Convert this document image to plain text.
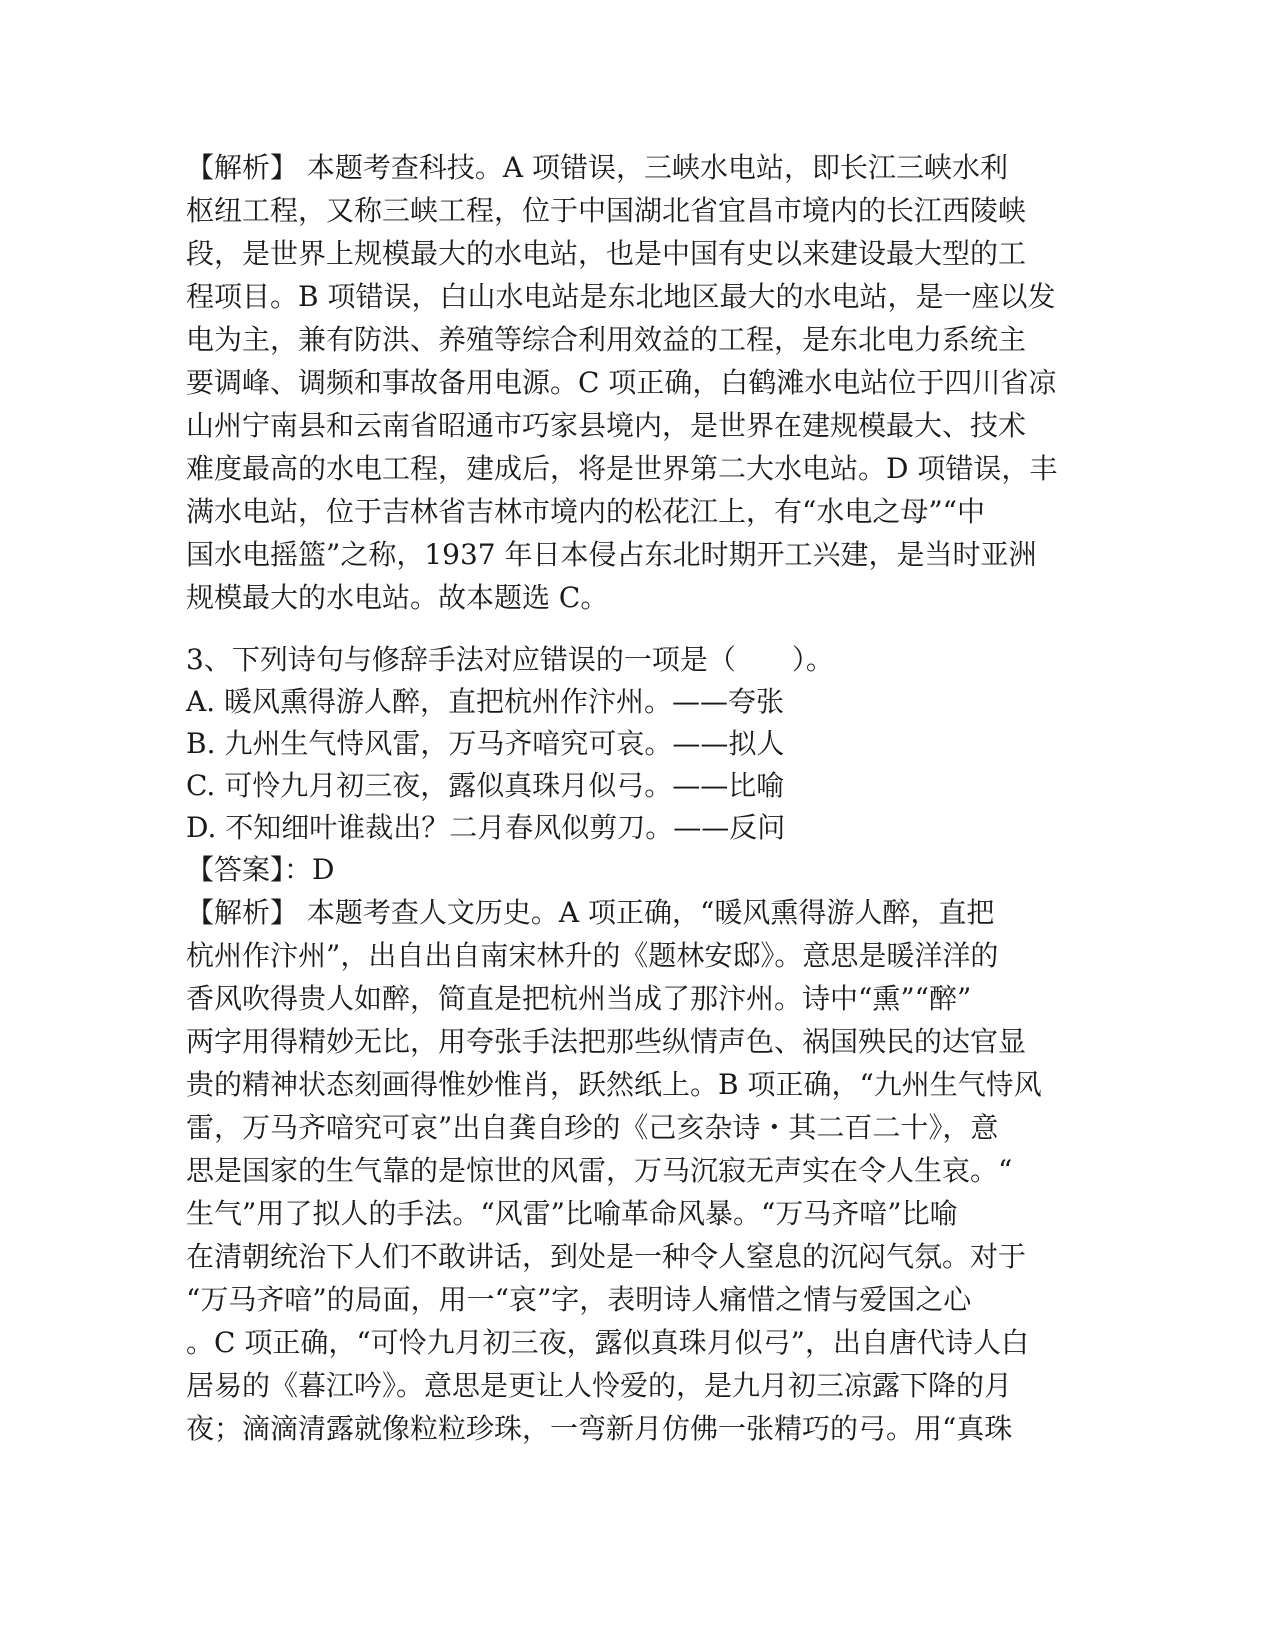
【解析】 本题考查科技。A 项错误，三峡水电站，即长江三峡水利
枢纽工程，又称三峡工程，位于中国湖北省宜昌市境内的长江西陵峡
段，是世界上规模最大的水电站，也是中国有史以来建设最大型的工
程项目。B 项错误，白山水电站是东北地区最大的水电站，是一座以发
电为主，兼有防洪、养殖等综合利用效益的工程，是东北电力系统主
要调峰、调频和事故备用电源。C 项正确，白鹤滩水电站位于四川省凉
山州宁南县和云南省昭通市巧家县境内，是世界在建规模最大、技术
难度最高的水电工程，建成后，将是世界第二大水电站。D 项错误，丰
满水电站，位于吉林省吉林市境内的松花江上，有“水电之母”“中
国水电摇篮”之称，1937 年日本侵占东北时期开工兴建，是当时亚洲
规模最大的水电站。故本题选 C。
3、下列诗句与修辞手法对应错误的一项是（　　）。
A. 暖风熏得游人醉，直把杭州作汴州。——夸张
B. 九州生气恃风雷，万马齐喑究可哀。——拟人
C. 可怜九月初三夜，露似真珠月似弓。——比喻
D. 不知细叶谁裁出？二月春风似剪刀。——反问
【答案】：D
【解析】 本题考查人文历史。A 项正确，“暖风熏得游人醉，直把
杭州作汴州”，出自出自南宋林升的《题林安邸》。意思是暖洋洋的
香风吹得贵人如醉，简直是把杭州当成了那汴州。诗中“熏”“醉”
两字用得精妙无比，用夸张手法把那些纵情声色、祸国殃民的达官显
贵的精神状态刻画得惟妙惟肖，跃然纸上。B 项正确，“九州生气恃风
雷，万马齐喑究可哀”出自龚自珍的《己亥杂诗・其二百二十》，意
思是国家的生气靠的是惊世的风雷，万马沉寂无声实在令人生哀。“
生气”用了拟人的手法。“风雷”比喻革命风暴。“万马齐喑”比喻
在清朝统治下人们不敢讲话，到处是一种令人窒息的沉闷气氛。对于
“万马齐喑”的局面，用一“哀”字，表明诗人痛惜之情与爱国之心
。C 项正确，“可怜九月初三夜，露似真珠月似弓”，出自唐代诗人白
居易的《暮江吟》。意思是更让人怜爱的，是九月初三凉露下降的月
夜；滴滴清露就像粒粒珍珠，一弯新月仿佛一张精巧的弓。用“真珠
